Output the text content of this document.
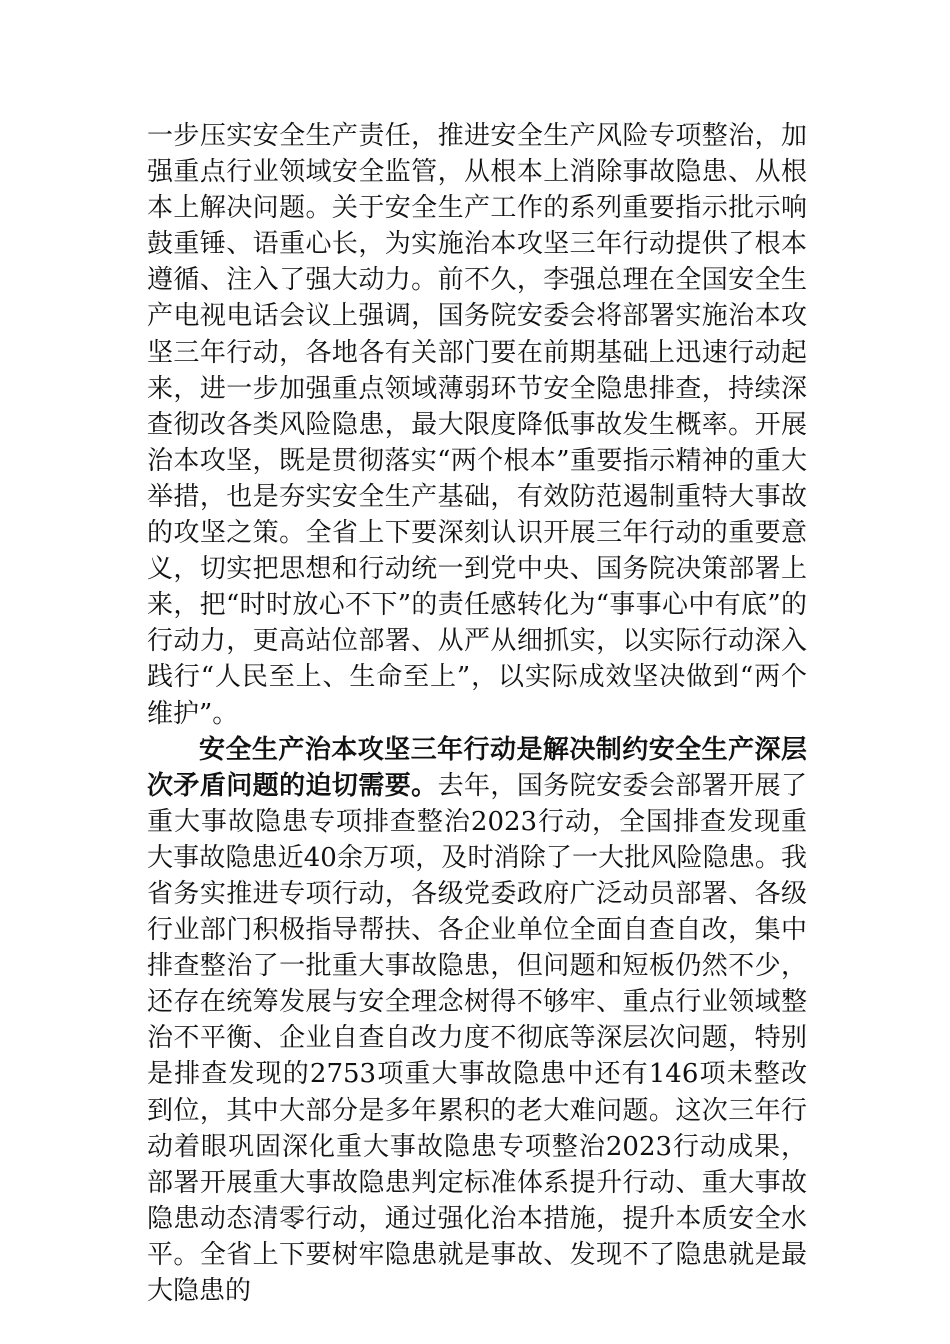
一步压实安全生产责任，推进安全生产风险专项整治，加强重点行业领域安全监管，从根本上消除事故隐患、从根本上解决问题。关于安全生产工作的系列重要指示批示响鼓重锤、语重心长，为实施治本攻坚三年行动提供了根本遵循、注入了强大动力。前不久，李强总理在全国安全生产电视电话会议上强调，国务院安委会将部署实施治本攻坚三年行动，各地各有关部门要在前期基础上迅速行动起来，进一步加强重点领域薄弱环节安全隐患排查，持续深查彻改各类风险隐患，最大限度降低事故发生概率。开展治本攻坚，既是贯彻落实“两个根本”重要指示精神的重大举措，也是夯实安全生产基础，有效防范遏制重特大事故的攻坚之策。全省上下要深刻认识开展三年行动的重要意义，切实把思想和行动统一到党中央、国务院决策部署上来，把“时时放心不下”的责任感转化为“事事心中有底”的行动力，更高站位部署、从严从细抓实，以实际行动深入践行“人民至上、生命至上”，以实际成效坚决做到“两个维护”。

安全生产治本攻坚三年行动是解决制约安全生产深层次矛盾问题的迫切需要。去年，国务院安委会部署开展了重大事故隐患专项排查整治2023行动，全国排查发现重大事故隐患近40余万项，及时消除了一大批风险隐患。我省务实推进专项行动，各级党委政府广泛动员部署、各级行业部门积极指导帮扶、各企业单位全面自查自改，集中排查整治了一批重大事故隐患，但问题和短板仍然不少，还存在统筹发展与安全理念树得不够牢、重点行业领域整治不平衡、企业自查自改力度不彻底等深层次问题，特别是排查发现的2753项重大事故隐患中还有146项未整改到位，其中大部分是多年累积的老大难问题。这次三年行动着眼巩固深化重大事故隐患专项整治2023行动成果，部署开展重大事故隐患判定标准体系提升行动、重大事故隐患动态清零行动，通过强化治本措施，提升本质安全水平。全省上下要树牢隐患就是事故、发现不了隐患就是最大隐患的
